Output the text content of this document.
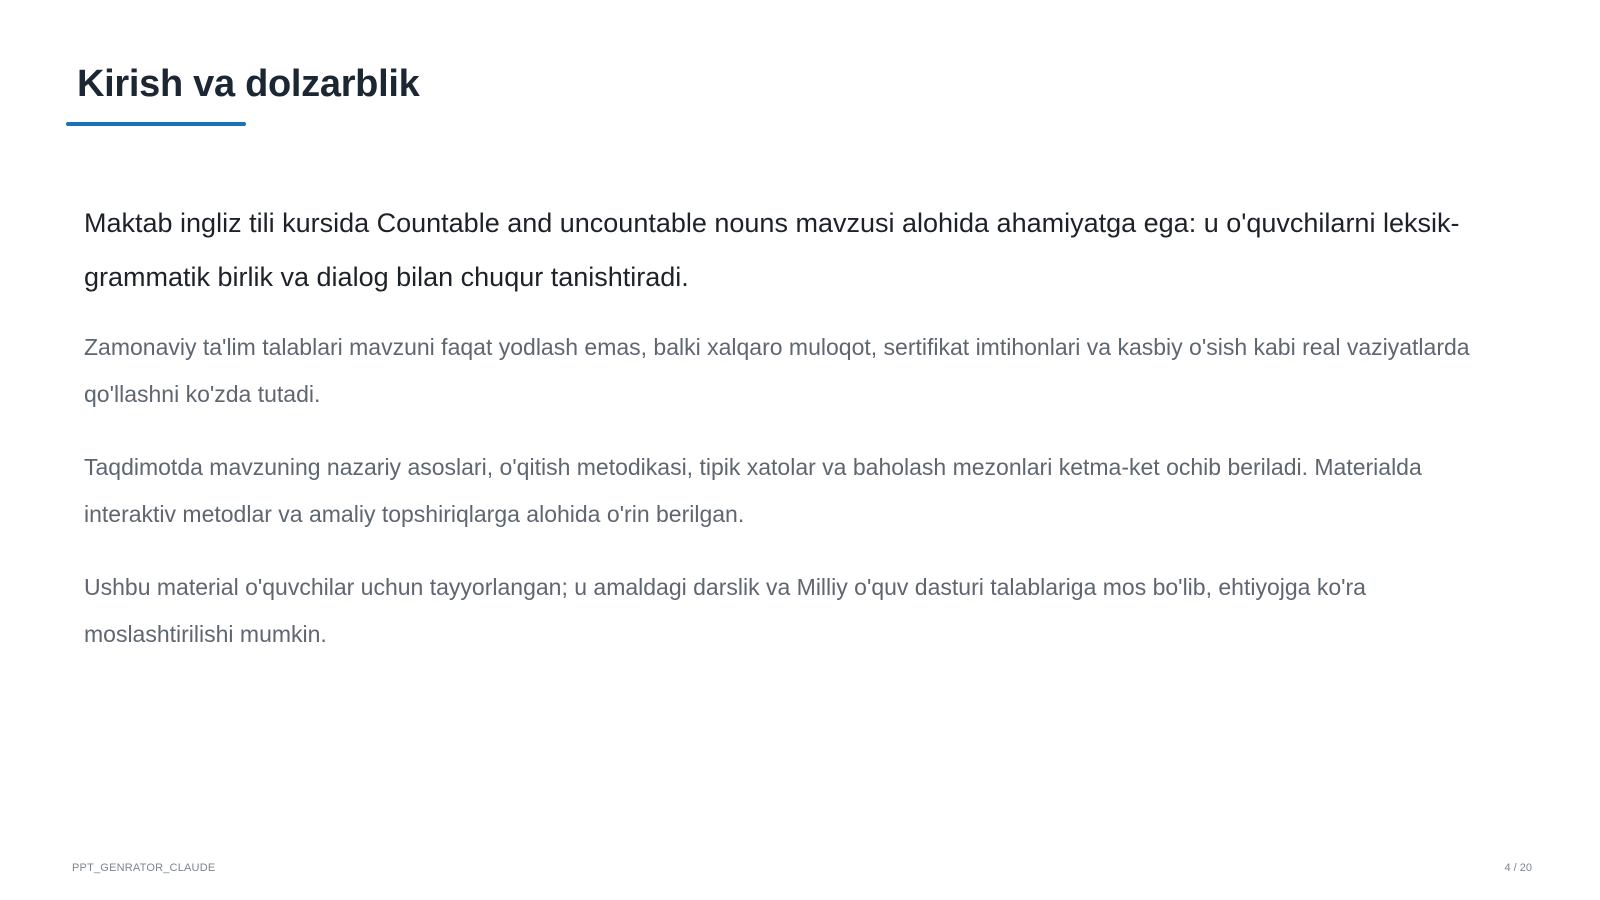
Kirish va dolzarblik

Maktab ingliz tili kursida Countable and uncountable nouns mavzusi alohida ahamiyatga ega: u o'quvchilarni leksik-grammatik birlik va dialog bilan chuqur tanishtiradi.

Zamonaviy ta'lim talablari mavzuni faqat yodlash emas, balki xalqaro muloqot, sertifikat imtihonlari va kasbiy o'sish kabi real vaziyatlarda qo'llashni ko'zda tutadi.

Taqdimotda mavzuning nazariy asoslari, o'qitish metodikasi, tipik xatolar va baholash mezonlari ketma-ket ochib beriladi. Materialda interaktiv metodlar va amaliy topshiriqlarga alohida o'rin berilgan.

Ushbu material o'quvchilar uchun tayyorlangan; u amaldagi darslik va Milliy o'quv dasturi talablariga mos bo'lib, ehtiyojga ko'ra moslashtirilishi mumkin.

PPT_GENRATOR_CLAUDE	4 / 20
